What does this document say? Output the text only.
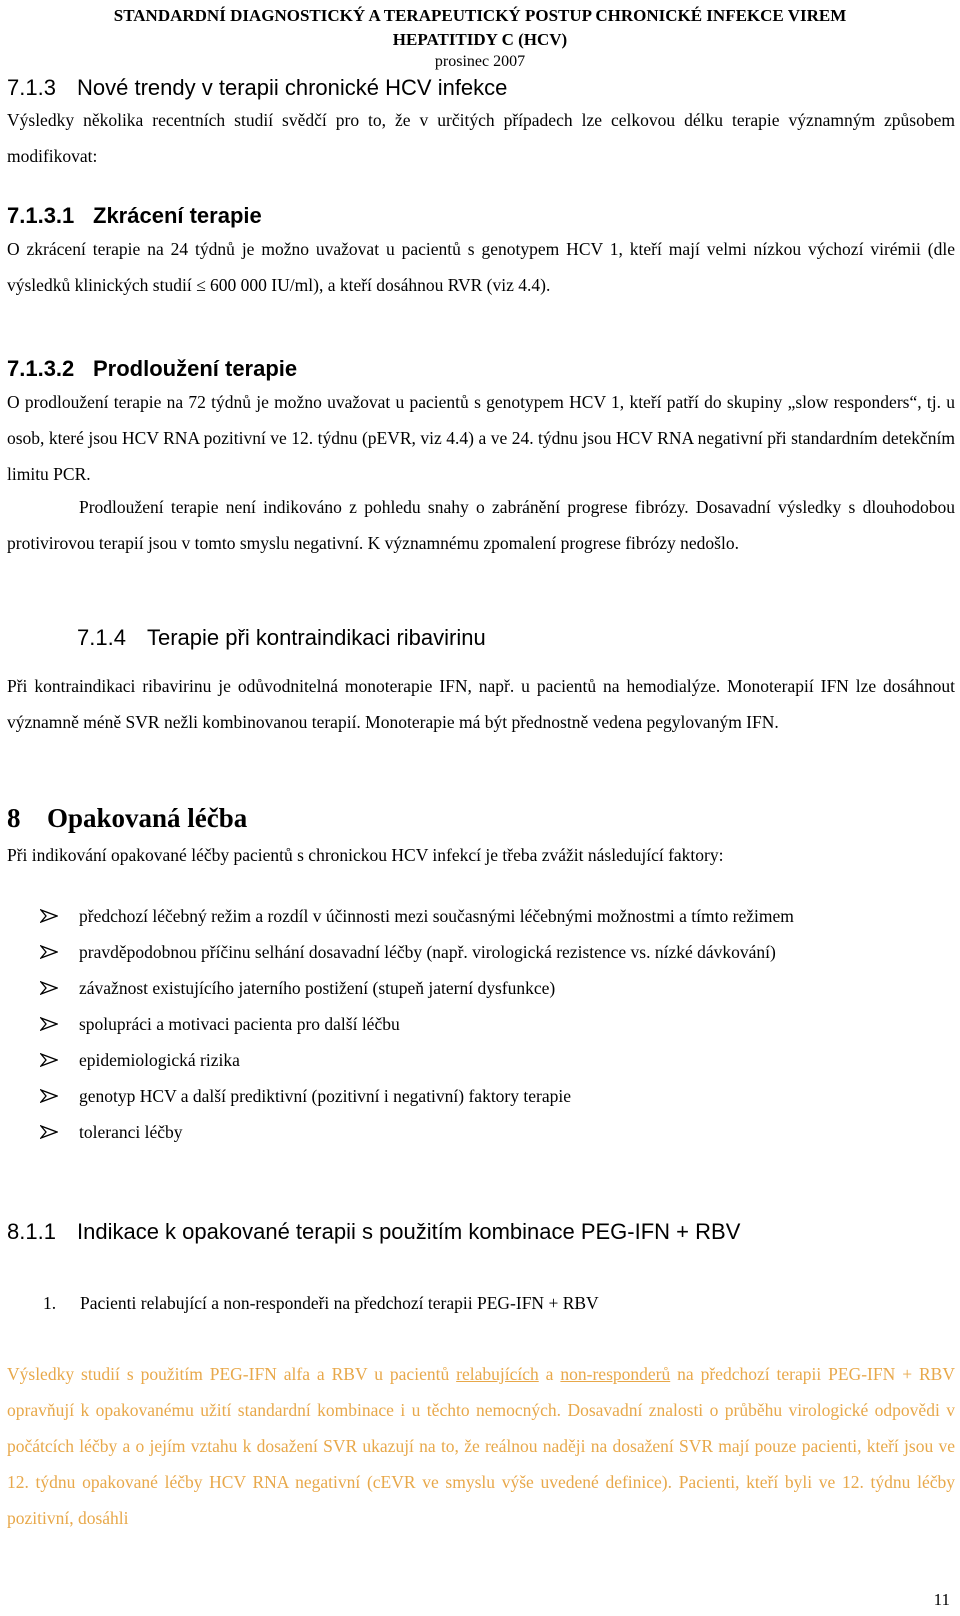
STANDARDNÍ DIAGNOSTICKÝ A TERAPEUTICKÝ POSTUP CHRONICKÉ INFEKCE VIREM
HEPATITIDY C (HCV)
prosinec 2007
7.1.3 Nové trendy v terapii chronické HCV infekce
Výsledky několika recentních studií svědčí pro to, že v určitých případech lze celkovou délku terapie významným způsobem modifikovat:
7.1.3.1 Zkrácení terapie
O zkrácení terapie na 24 týdnů je možno uvažovat u pacientů s genotypem HCV 1, kteří mají velmi nízkou výchozí virémii (dle výsledků klinických studií ≤ 600 000 IU/ml), a kteří dosáhnou RVR (viz 4.4).
7.1.3.2 Prodloužení terapie
O prodloužení terapie na 72 týdnů je možno uvažovat u pacientů s genotypem HCV 1, kteří patří do skupiny „slow responders“, tj. u osob, které jsou HCV RNA pozitivní ve 12. týdnu (pEVR, viz 4.4) a ve 24. týdnu jsou HCV RNA negativní při standardním detekčním limitu PCR.
Prodloužení terapie není indikováno z pohledu snahy o zabránění progrese fibrózy. Dosavadní výsledky s dlouhodobou protivirovou terapií jsou v tomto smyslu negativní. K významnému zpomalení progrese fibrózy nedošlo.
7.1.4 Terapie při kontraindikaci ribavirinu
Při kontraindikaci ribavirinu je odůvodnitelná monoterapie IFN, např. u pacientů na hemodialýze. Monoterapií IFN lze dosáhnout významně méně SVR nežli kombinovanou terapií. Monoterapie má být přednostně vedena pegylovaným IFN.
8 Opakovaná léčba
Při indikování opakované léčby pacientů s chronickou HCV infekcí je třeba zvážit následující faktory:
předchozí léčebný režim a rozdíl v účinnosti mezi současnými léčebnými možnostmi a tímto režimem
pravděpodobnou příčinu selhání dosavadní léčby (např. virologická rezistence vs. nízké dávkování)
závažnost existujícího jaterního postižení (stupeň jaterní dysfunkce)
spolupráci a motivaci pacienta pro další léčbu
epidemiologická rizika
genotyp HCV a další prediktivní (pozitivní i negativní) faktory terapie
toleranci léčby
8.1.1 Indikace k opakované terapii s použitím kombinace PEG-IFN + RBV
1. Pacienti relabující a non-respondeři na předchozí terapii PEG-IFN + RBV
Výsledky studií s použitím PEG-IFN alfa a RBV u pacientů relabujících a non-responderů na předchozí terapii PEG-IFN + RBV opravňují k opakovanému užití standardní kombinace i u těchto nemocných. Dosavadní znalosti o průběhu virologické odpovědi v počátcích léčby a o jejím vztahu k dosažení SVR ukazují na to, že reálnou naději na dosažení SVR mají pouze pacienti, kteří jsou ve 12. týdnu opakované léčby HCV RNA negativní (cEVR ve smyslu výše uvedené definice). Pacienti, kteří byli ve 12. týdnu léčby pozitivní, dosáhli
11
